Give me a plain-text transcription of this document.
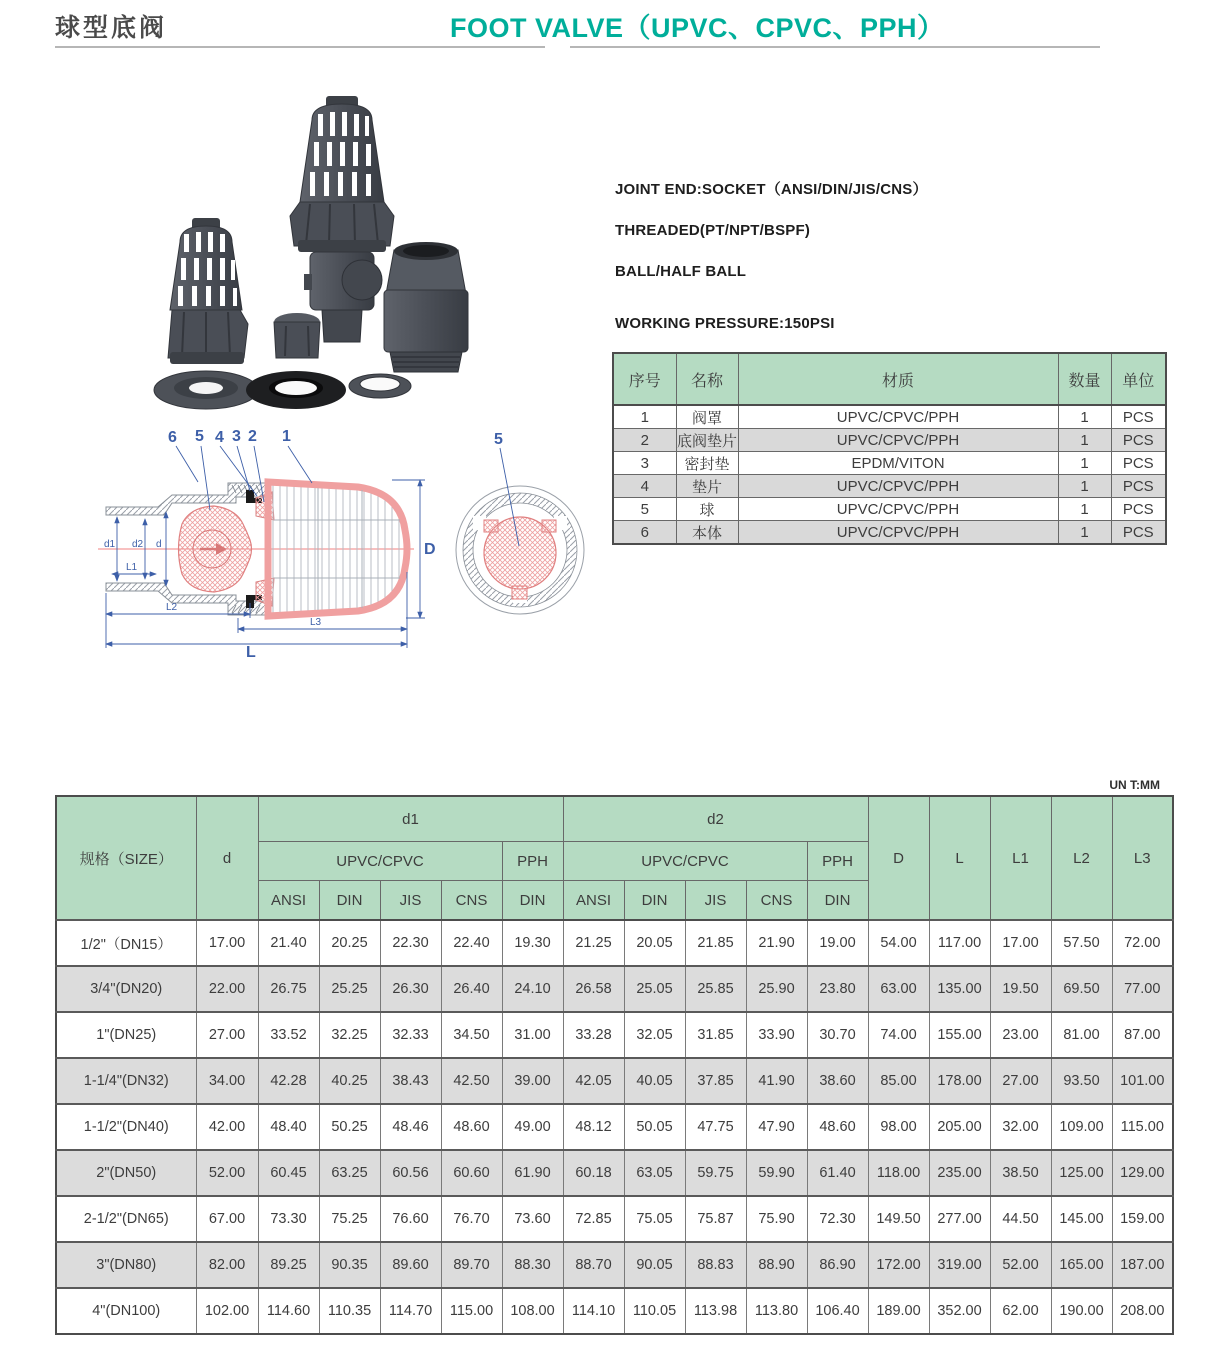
球型底阀	FOOT VALVE（UPVC、CPVC、PPH）
6 5 4 3 2 1
d1 d2 d
L1
L2
L3
L
D
5
JOINT END:SOCKET（ANSI/DIN/JIS/CNS）
THREADED(PT/NPT/BSPF)
BALL/HALF BALL
WORKING PRESSURE:150PSI
序号	名称	材质	数量	单位
1	阀罩	UPVC/CPVC/PPH	1	PCS
2	底阀垫片	UPVC/CPVC/PPH	1	PCS
3	密封垫	EPDM/VITON	1	PCS
4	垫片	UPVC/CPVC/PPH	1	PCS
5	球	UPVC/CPVC/PPH	1	PCS
6	本体	UPVC/CPVC/PPH	1	PCS
UN T:MM
规格（SIZE）	d	d1					d2					D	L	L1	L2	L3
		UPVC/CPVC				PPH	UPVC/CPVC				PPH					
		ANSI	DIN	JIS	CNS	DIN	ANSI	DIN	JIS	CNS	DIN					
1/2"（DN15）	17.00	21.40	20.25	22.30	22.40	19.30	21.25	20.05	21.85	21.90	19.00	54.00	117.00	17.00	57.50	72.00
3/4"(DN20)	22.00	26.75	25.25	26.30	26.40	24.10	26.58	25.05	25.85	25.90	23.80	63.00	135.00	19.50	69.50	77.00
1"(DN25)	27.00	33.52	32.25	32.33	34.50	31.00	33.28	32.05	31.85	33.90	30.70	74.00	155.00	23.00	81.00	87.00
1-1/4"(DN32)	34.00	42.28	40.25	38.43	42.50	39.00	42.05	40.05	37.85	41.90	38.60	85.00	178.00	27.00	93.50	101.00
1-1/2"(DN40)	42.00	48.40	50.25	48.46	48.60	49.00	48.12	50.05	47.75	47.90	48.60	98.00	205.00	32.00	109.00	115.00
2"(DN50)	52.00	60.45	63.25	60.56	60.60	61.90	60.18	63.05	59.75	59.90	61.40	118.00	235.00	38.50	125.00	129.00
2-1/2"(DN65)	67.00	73.30	75.25	76.60	76.70	73.60	72.85	75.05	75.87	75.90	72.30	149.50	277.00	44.50	145.00	159.00
3"(DN80)	82.00	89.25	90.35	89.60	89.70	88.30	88.70	90.05	88.83	88.90	86.90	172.00	319.00	52.00	165.00	187.00
4"(DN100)	102.00	114.60	110.35	114.70	115.00	108.00	114.10	110.05	113.98	113.80	106.40	189.00	352.00	62.00	190.00	208.00
